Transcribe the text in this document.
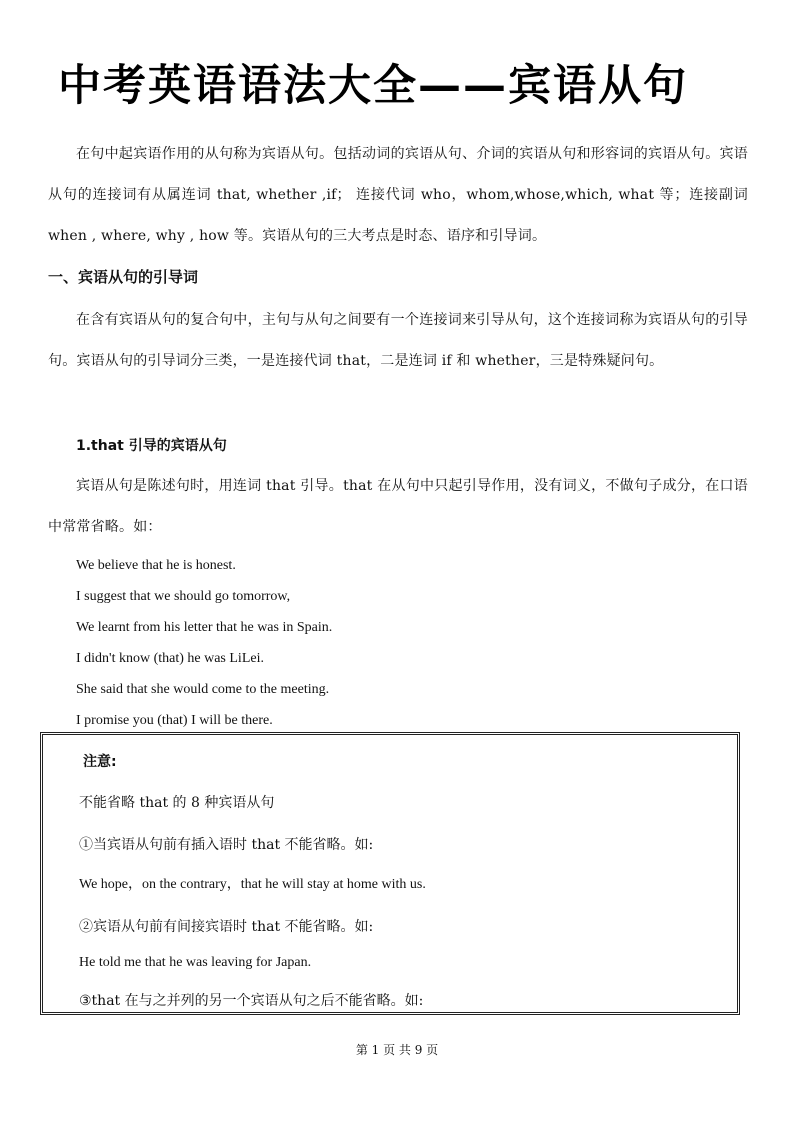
中考英语语法大全——宾语从句

在句中起宾语作用的从句称为宾语从句。包括动词的宾语从句、介词的宾语从句和形容词的宾语从句。宾语从句的连接词有从属连词 that, whether ,if； 连接代词 who，whom,whose,which, what 等；连接副词 when , where, why , how 等。宾语从句的三大考点是时态、语序和引导词。

一、宾语从句的引导词

在含有宾语从句的复合句中，主句与从句之间要有一个连接词来引导从句，这个连接词称为宾语从句的引导句。宾语从句的引导词分三类，一是连接代词 that，二是连词 if 和 whether，三是特殊疑问句。

1.that 引导的宾语从句

宾语从句是陈述句时，用连词 that 引导。that 在从句中只起引导作用，没有词义，不做句子成分，在口语中常常省略。如：

We believe that he is honest.
I suggest that we should go tomorrow,
We learnt from his letter that he was in Spain.
I didn't know (that) he was LiLei.
She said that she would come to the meeting.
I promise you (that) I will be there.

注意:

不能省略 that 的 8 种宾语从句

①当宾语从句前有插入语时 that 不能省略。如:

We hope，on the contrary，that he will stay at home with us.

②宾语从句前有间接宾语时 that 不能省略。如:

He told me that he was leaving for Japan.

③that 在与之并列的另一个宾语从句之后不能省略。如:

第 1 页 共 9 页
